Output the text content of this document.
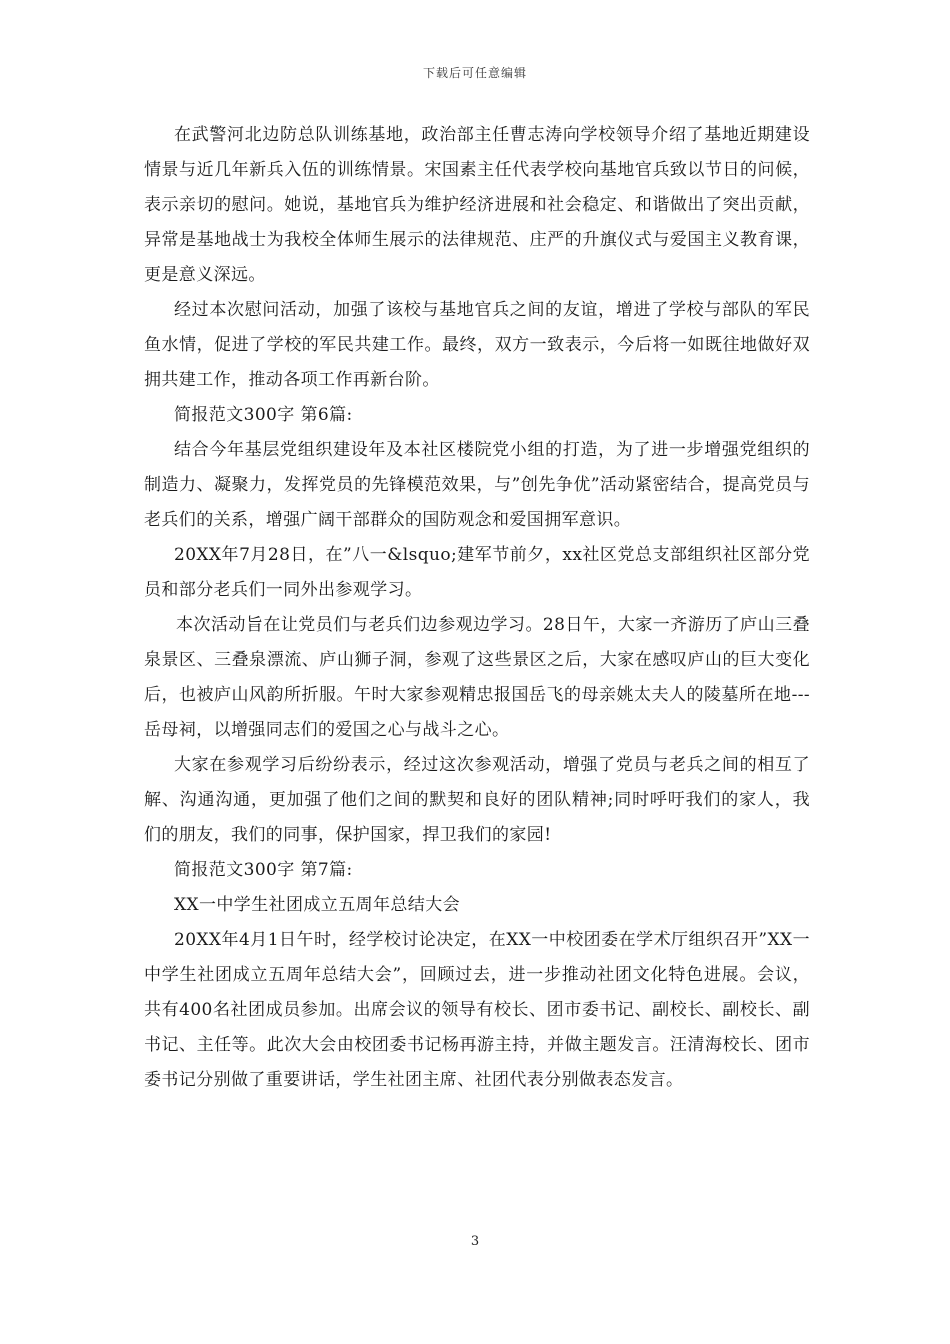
下载后可任意编辑

在武警河北边防总队训练基地，政治部主任曹志涛向学校领导介绍了基地近期建设情景与近几年新兵入伍的训练情景。宋国素主任代表学校向基地官兵致以节日的问候，表示亲切的慰问。她说，基地官兵为维护经济进展和社会稳定、和谐做出了突出贡献，异常是基地战士为我校全体师生展示的法律规范、庄严的升旗仪式与爱国主义教育课，更是意义深远。

经过本次慰问活动，加强了该校与基地官兵之间的友谊，增进了学校与部队的军民鱼水情，促进了学校的军民共建工作。最终，双方一致表示，今后将一如既往地做好双拥共建工作，推动各项工作再新台阶。

简报范文300字 第6篇:

结合今年基层党组织建设年及本社区楼院党小组的打造，为了进一步增强党组织的制造力、凝聚力，发挥党员的先锋模范效果，与”创先争优”活动紧密结合，提高党员与老兵们的关系，增强广阔干部群众的国防观念和爱国拥军意识。

20XX年7月28日，在”八一&lsquo;建军节前夕，xx社区党总支部组织社区部分党员和部分老兵们一同外出参观学习。

本次活动旨在让党员们与老兵们边参观边学习。28日午，大家一齐游历了庐山三叠泉景区、三叠泉漂流、庐山狮子洞，参观了这些景区之后，大家在感叹庐山的巨大变化后，也被庐山风韵所折服。午时大家参观精忠报国岳飞的母亲姚太夫人的陵墓所在地---岳母祠，以增强同志们的爱国之心与战斗之心。

大家在参观学习后纷纷表示，经过这次参观活动，增强了党员与老兵之间的相互了解、沟通沟通，更加强了他们之间的默契和良好的团队精神;同时呼吁我们的家人，我们的朋友，我们的同事，保护国家，捍卫我们的家园!

简报范文300字 第7篇:

XX一中学生社团成立五周年总结大会

20XX年4月1日午时，经学校讨论决定，在XX一中校团委在学术厅组织召开”XX一中学生社团成立五周年总结大会”，回顾过去，进一步推动社团文化特色进展。会议，共有400名社团成员参加。出席会议的领导有校长、团市委书记、副校长、副校长、副书记、主任等。此次大会由校团委书记杨再游主持，并做主题发言。汪清海校长、团市委书记分别做了重要讲话，学生社团主席、社团代表分别做表态发言。

3
